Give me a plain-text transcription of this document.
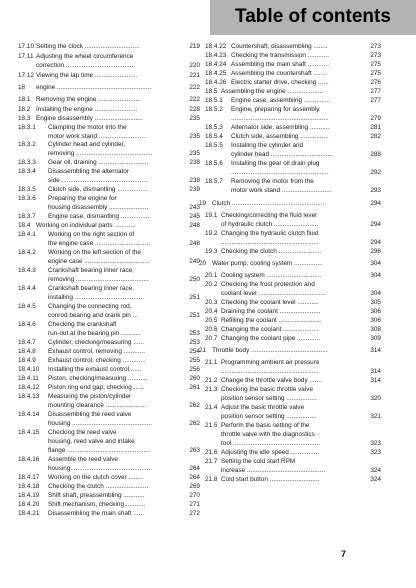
Table of contents
17.10 Setting the clock ...............................	219
17.11 Adjusting the wheel circumference
correction ......................................	220
17.12 Viewing the lap time ........................	221
18 engine .....................................................	222
18.1 Removing the engine ........................	222
18.2 Installing the engine ........................	228
18.3 Engine disassembly ...........................	235
18.3.1 Clamping the motor into the
motor work stand ...........................	235
18.3.2 Cylinder head and cylinder,
removing ...........................................	235
18.3.3 Gear oil, draining ............................	238
18.3.4 Disassembling the alternator
side .................................................	238
18.3.5 Clutch side, dismantling .................	239
18.3.6 Preparing the engine for
housing disassembly ......................	243
18.3.7 Engine case, dismantling ................	245
18.4 Working on individual parts ............	248
18.4.1 Working on the right section of
the engine case ...............................	248
18.4.2 Working on the left section of the
engine case .....................................	249
18.4.3 Crankshaft bearing inner race,
removing .........................................	250
18.4.4 Crankshaft bearing inner race,
installing .......................................	251
18.4.5 Changing the connecting rod,
conrod bearing and crank pin ...	251
18.4.6 Checking the crankshaft
run-out at the bearing pin ...........	253
18.4.7 Cylinder, checking/measuring ......	253
18.4.8 Exhaust control, removing ............	254
18.4.9 Exhaust control, checking .............	255
18.4.10 Installing the exhaust control ......	256
18.4.11 Piston, checking/measuring ...........	260
18.4.12 Piston ring end gap, checking ......	261
18.4.13 Measuring the piston/cylinder
mounting clearance .......................	262
18.4.14 Disassembling the reed valve
housing .............................................	262
18.4.15 Checking the reed valve
housing, reed valve and intake
flange ...............................................	263
18.4.16 Assemble the reed valve
housing. ............................................	264
18.4.17 Working on the clutch cover ........	264
18.4.18 Checking the clutch ........................	269
18.4.19 Shift shaft, preassembling ............	270
18.4.20 Shift mechanism, checking ...........	271
18.4.21 Disassembling the main shaft ......	272
18.4.22 Countershaft, disassembling ........	273
18.4.23 Checking the transmission ............	273
18.4.24 Assembling the main shaft ............	275
18.4.25 Assembling the countershaft .......	275
18.4.26 Electric starter drive, checking ......	276
18.5 Assembling the engine ....................	277
18.5.1 Engine case, assembling ...............	277
18.5.2 Engine, preparing for assembly
.......................................................	279
18.5.3 Alternator side, assembling ...........	281
18.5.4 Clutch side, assembling ................	282
18.5.5 Installing the cylinder and
cylinder head ...................................	288
18.5.6 Installing the gear oil drain plug
.......................................................	292
18.5.7 Removing the motor from the
motor work stand ............................	293
19 Clutch ....................................................	294
19.1 Checking/correcting the fluid level
of hydraulic clutch .........................	294
19.2 Changing the hydraulic clutch fluid
.......................................................	294
19.3 Checking the clutch ........................	296
20 Water pump, cooling system ................	304
20.1 Cooling system ...............................	304
20.2 Checking the frost protection and
coolant level ......................................	304
20.3 Checking the coolant level ............	305
20.4 Draining the coolant .......................	306
20.5 Refilling the coolant ........................	306
20.6 Changing the coolant ....................	308
20.7 Changing the coolant pipe .............	309
21 Throttle body ...........................................	314
21.1 Programming ambient air pressure
.......................................................	314
21.2 Change the throttle valve body .......	314
21.3 Checking the basic throttle valve
position sensor setting .................	320
21.4 Adjust the basic throttle valve
position sensor setting .................	321
21.5 Perform the basic setting of the
throttle valve with the diagnostics
tool .................................................	323
21.6 Adjusting the idle speed ................	323
21.7 Setting the cold start RPM
increase ............................................	324
21.8 Cold start button ............................	324
7
